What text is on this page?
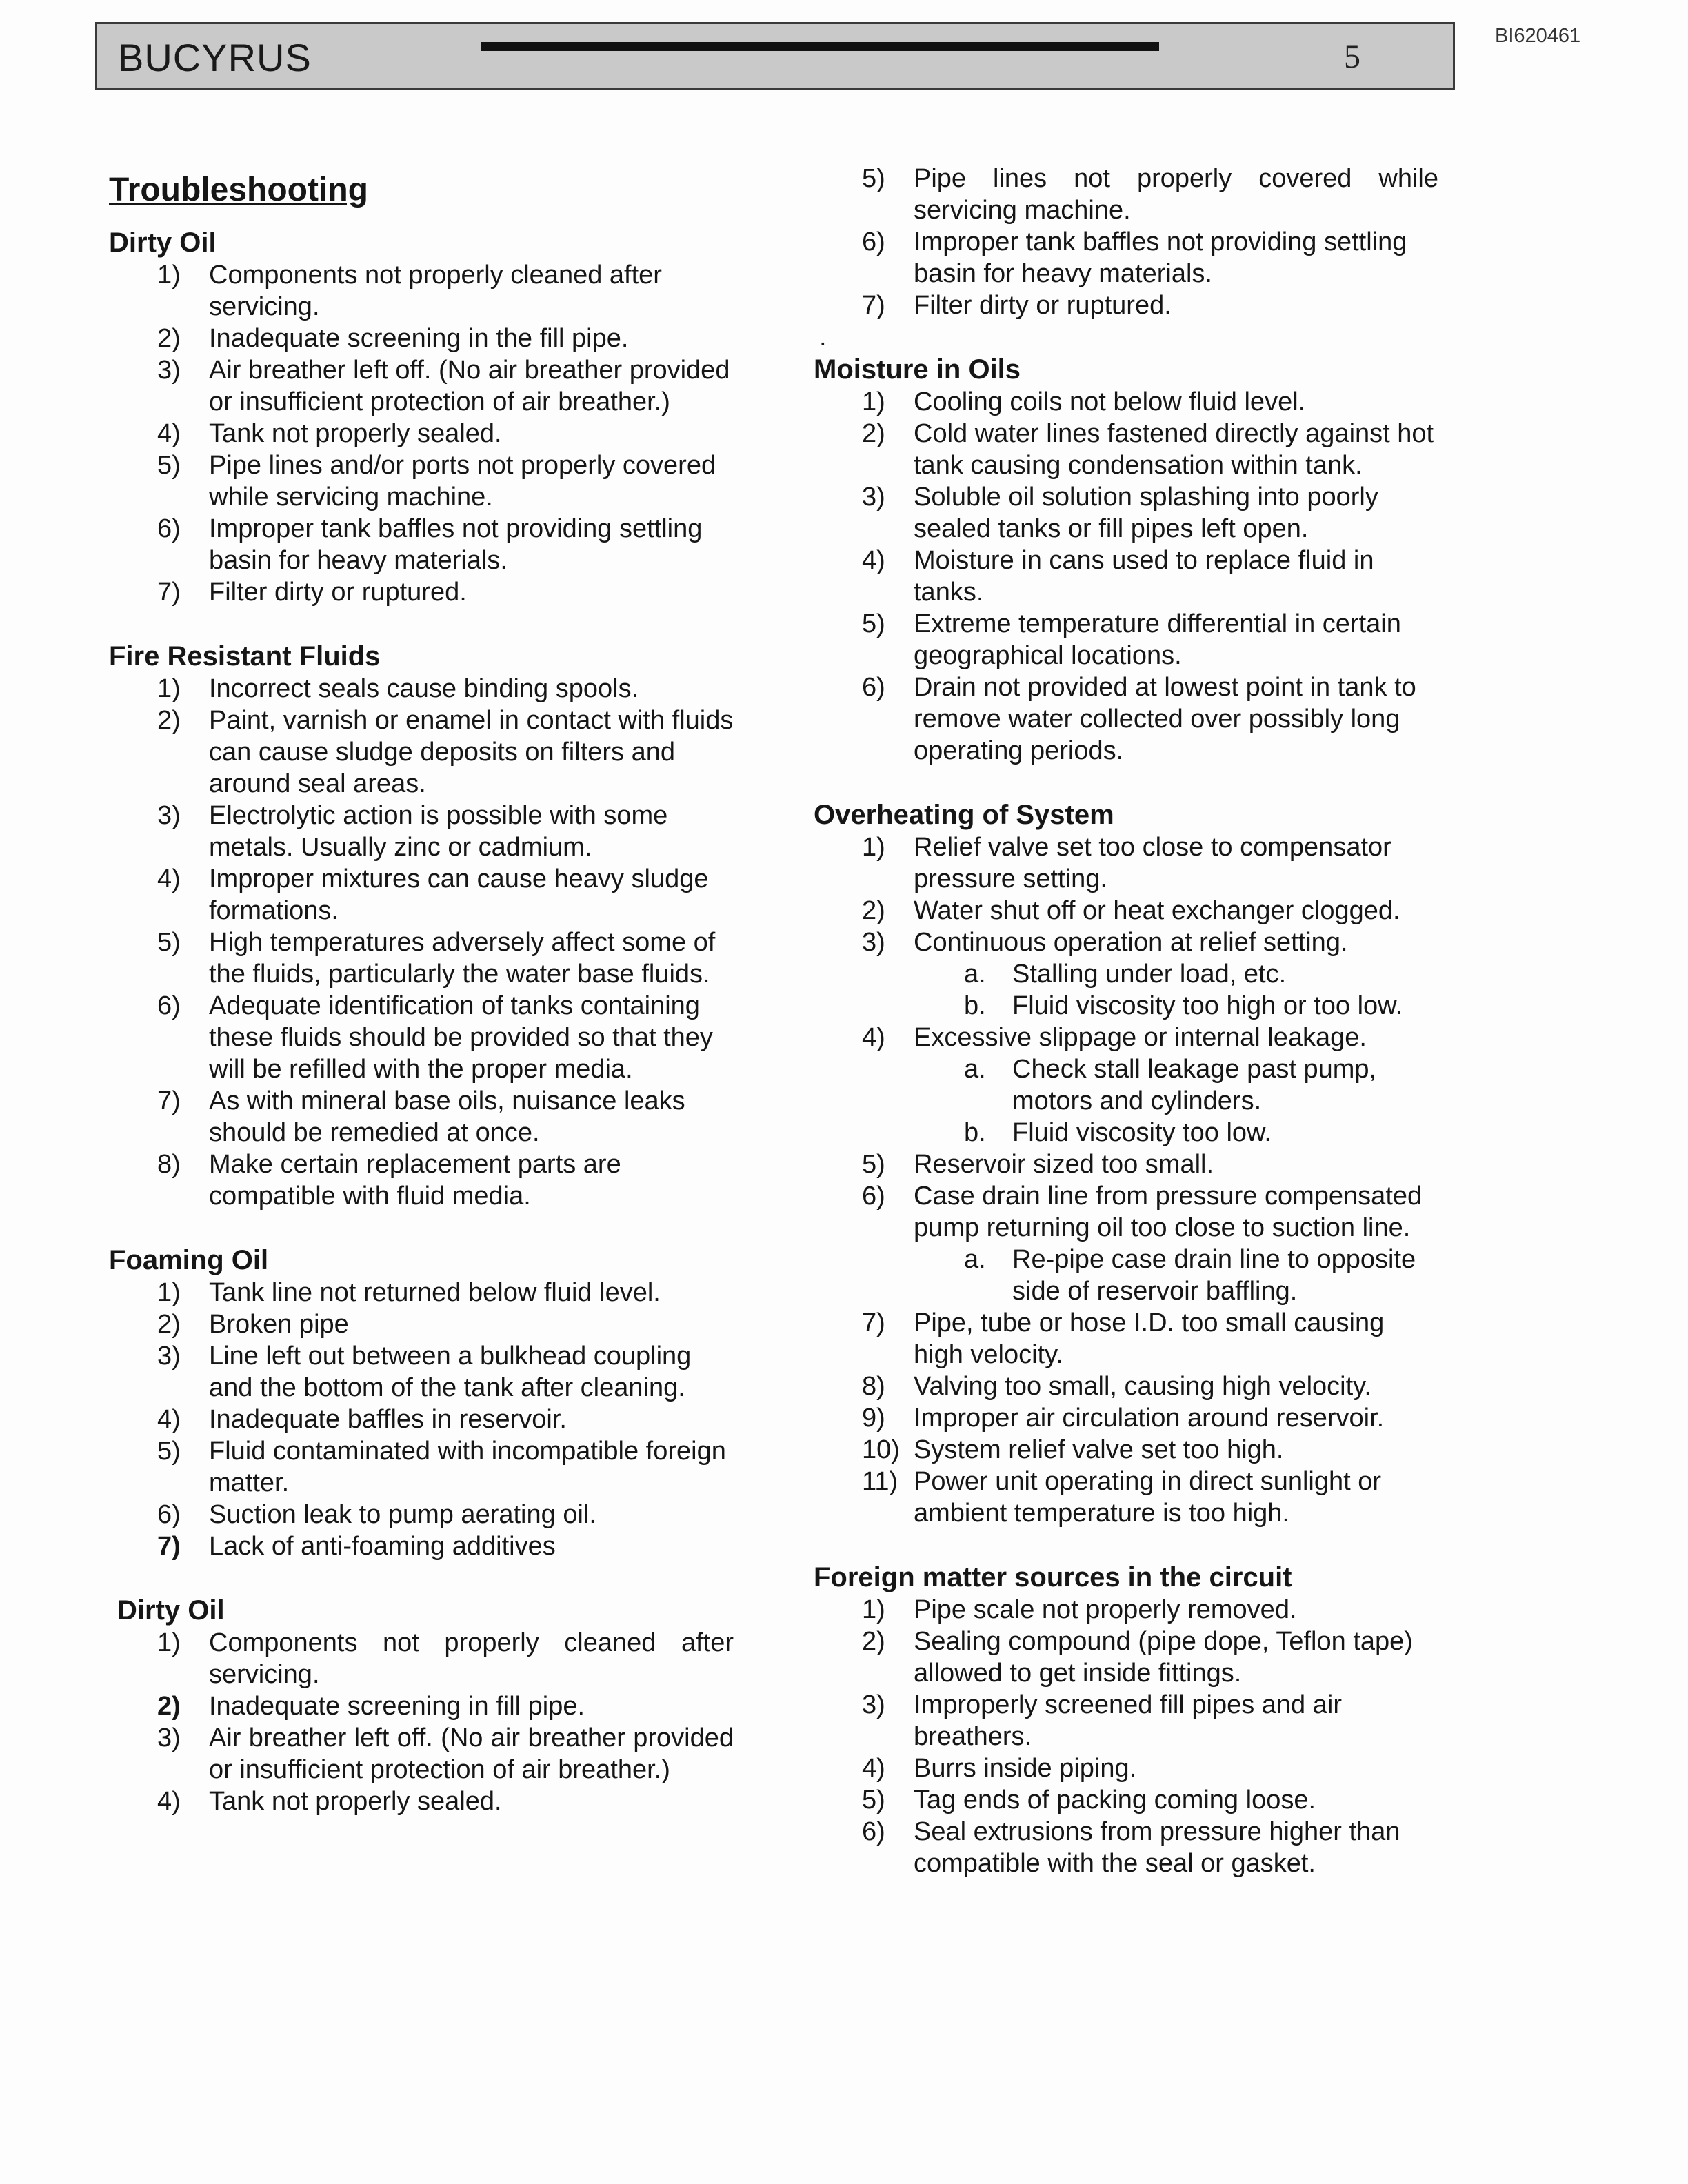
BUCYRUS	5
BI620461
Troubleshooting
Dirty Oil
1) Components not properly cleaned after servicing.
2) Inadequate screening in the fill pipe.
3) Air breather left off. (No air breather provided or insufficient protection of air breather.)
4) Tank not properly sealed.
5) Pipe lines and/or ports not properly covered while servicing machine.
6) Improper tank baffles not providing settling basin for heavy materials.
7) Filter dirty or ruptured.
Fire Resistant Fluids
1) Incorrect seals cause binding spools.
2) Paint, varnish or enamel in contact with fluids can cause sludge deposits on filters and around seal areas.
3) Electrolytic action is possible with some metals. Usually zinc or cadmium.
4) Improper mixtures can cause heavy sludge formations.
5) High temperatures adversely affect some of the fluids, particularly the water base fluids.
6) Adequate identification of tanks containing these fluids should be provided so that they will be refilled with the proper media.
7) As with mineral base oils, nuisance leaks should be remedied at once.
8) Make certain replacement parts are compatible with fluid media.
Foaming Oil
1) Tank line not returned below fluid level.
2) Broken pipe
3) Line left out between a bulkhead coupling and the bottom of the tank after cleaning.
4) Inadequate baffles in reservoir.
5) Fluid contaminated with incompatible foreign matter.
6) Suction leak to pump aerating oil.
7) Lack of anti-foaming additives
Dirty Oil
1) Components not properly cleaned after servicing.
2) Inadequate screening in fill pipe.
3) Air breather left off. (No air breather provided or insufficient protection of air breather.)
4) Tank not properly sealed.
5) Pipe lines not properly covered while servicing machine.
6) Improper tank baffles not providing settling basin for heavy materials.
7) Filter dirty or ruptured.
.
Moisture in Oils
1) Cooling coils not below fluid level.
2) Cold water lines fastened directly against hot tank causing condensation within tank.
3) Soluble oil solution splashing into poorly sealed tanks or fill pipes left open.
4) Moisture in cans used to replace fluid in tanks.
5) Extreme temperature differential in certain geographical locations.
6) Drain not provided at lowest point in tank to remove water collected over possibly long operating periods.
Overheating of System
1) Relief valve set too close to compensator pressure setting.
2) Water shut off or heat exchanger clogged.
3) Continuous operation at relief setting.
a. Stalling under load, etc.
b. Fluid viscosity too high or too low.
4) Excessive slippage or internal leakage.
a. Check stall leakage past pump, motors and cylinders.
b. Fluid viscosity too low.
5) Reservoir sized too small.
6) Case drain line from pressure compensated pump returning oil too close to suction line.
a. Re-pipe case drain line to opposite side of reservoir baffling.
7) Pipe, tube or hose I.D. too small causing high velocity.
8) Valving too small, causing high velocity.
9) Improper air circulation around reservoir.
10) System relief valve set too high.
11) Power unit operating in direct sunlight or ambient temperature is too high.
Foreign matter sources in the circuit
1) Pipe scale not properly removed.
2) Sealing compound (pipe dope, Teflon tape) allowed to get inside fittings.
3) Improperly screened fill pipes and air breathers.
4) Burrs inside piping.
5) Tag ends of packing coming loose.
6) Seal extrusions from pressure higher than compatible with the seal or gasket.
